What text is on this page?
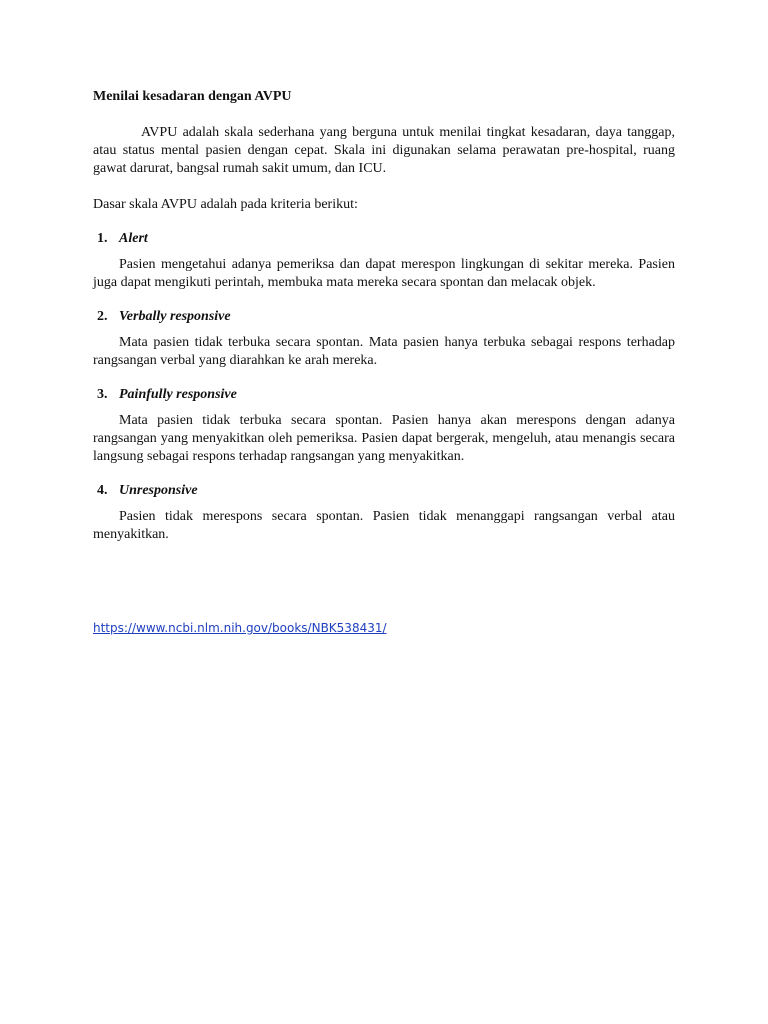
Menilai kesadaran dengan AVPU

AVPU adalah skala sederhana yang berguna untuk menilai tingkat kesadaran, daya tanggap, atau status mental pasien dengan cepat. Skala ini digunakan selama perawatan pre-hospital, ruang gawat darurat, bangsal rumah sakit umum, dan ICU.

Dasar skala AVPU adalah pada kriteria berikut:

1. Alert

Pasien mengetahui adanya pemeriksa dan dapat merespon lingkungan di sekitar mereka. Pasien juga dapat mengikuti perintah, membuka mata mereka secara spontan dan melacak objek.

2. Verbally responsive

Mata pasien tidak terbuka secara spontan. Mata pasien hanya terbuka sebagai respons terhadap rangsangan verbal yang diarahkan ke arah mereka.

3. Painfully responsive

Mata pasien tidak terbuka secara spontan. Pasien hanya akan merespons dengan adanya rangsangan yang menyakitkan oleh pemeriksa. Pasien dapat bergerak, mengeluh, atau menangis secara langsung sebagai respons terhadap rangsangan yang menyakitkan.

4. Unresponsive

Pasien tidak merespons secara spontan. Pasien tidak menanggapi rangsangan verbal atau menyakitkan.

https://www.ncbi.nlm.nih.gov/books/NBK538431/
